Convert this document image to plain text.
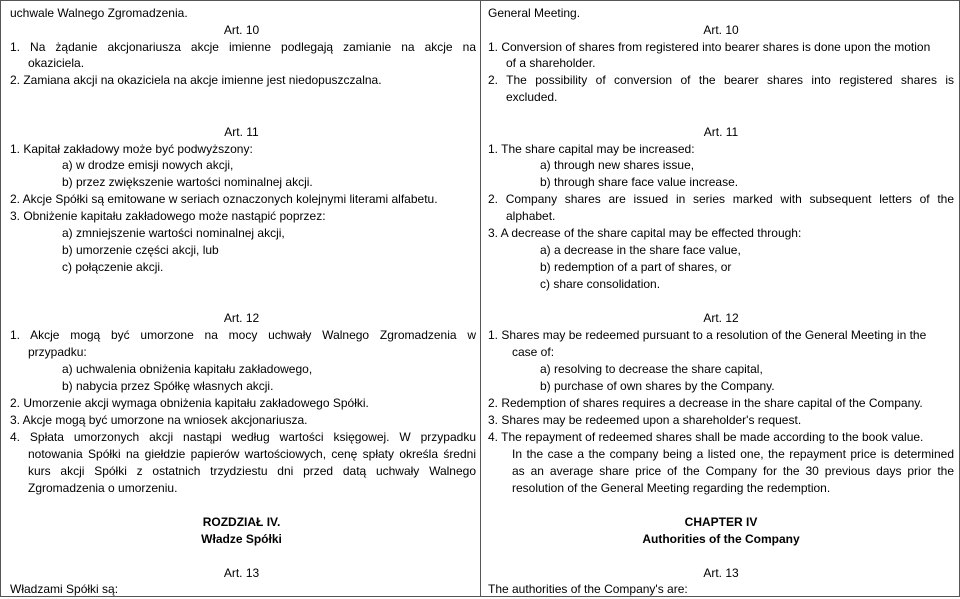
uchwale Walnego Zgromadzenia.
Art. 10
1. Na żądanie akcjonariusza akcje imienne podlegają zamianie na akcje na
okaziciela.
2. Zamiana akcji na okaziciela na akcje imienne jest niedopuszczalna.
Art. 11
1. Kapitał zakładowy może być podwyższony:
a) w drodze emisji nowych akcji,
b) przez zwiększenie wartości nominalnej akcji.
2. Akcje Spółki są emitowane w seriach oznaczonych kolejnymi literami alfabetu.
3. Obniżenie kapitału zakładowego może nastąpić poprzez:
a) zmniejszenie wartości nominalnej akcji,
b) umorzenie części akcji, lub
c) połączenie akcji.
Art. 12
1. Akcje mogą być umorzone na mocy uchwały Walnego Zgromadzenia w
przypadku:
a) uchwalenia obniżenia kapitału zakładowego,
b) nabycia przez Spółkę własnych akcji.
2. Umorzenie akcji wymaga obniżenia kapitału zakładowego Spółki.
3. Akcje mogą być umorzone na wniosek akcjonariusza.
4. Spłata umorzonych akcji nastąpi według wartości księgowej. W przypadku
notowania Spółki na giełdzie papierów wartościowych, cenę spłaty określa średni
kurs akcji Spółki z ostatnich trzydziestu dni przed datą uchwały Walnego
Zgromadzenia o umorzeniu.
ROZDZIAŁ IV.
Władze Spółki
Art. 13
Władzami Spółki są:
General Meeting.
Art. 10
1. Conversion of shares from registered into bearer shares is done upon the motion
of a shareholder.
2. The possibility of conversion of the bearer shares into registered shares is
excluded.
Art. 11
1. The share capital may be increased:
a) through new shares issue,
b) through share face value increase.
2. Company shares are issued in series marked with subsequent letters of the
alphabet.
3. A decrease of the share capital may be effected through:
a) a decrease in the share face value,
b) redemption of a part of shares, or
c) share consolidation.
Art. 12
1. Shares may be redeemed pursuant to a resolution of the General Meeting in the
case of:
a) resolving to decrease the share capital,
b) purchase of own shares by the Company.
2. Redemption of shares requires a decrease in the share capital of the Company.
3. Shares may be redeemed upon a shareholder's request.
4. The repayment of redeemed shares shall be made according to the book value.
In the case a the company being a listed one, the repayment price is determined
as an average share price of the Company for the 30 previous days prior the
resolution of the General Meeting regarding the redemption.
CHAPTER IV
Authorities of the Company
Art. 13
The authorities of the Company's are:
